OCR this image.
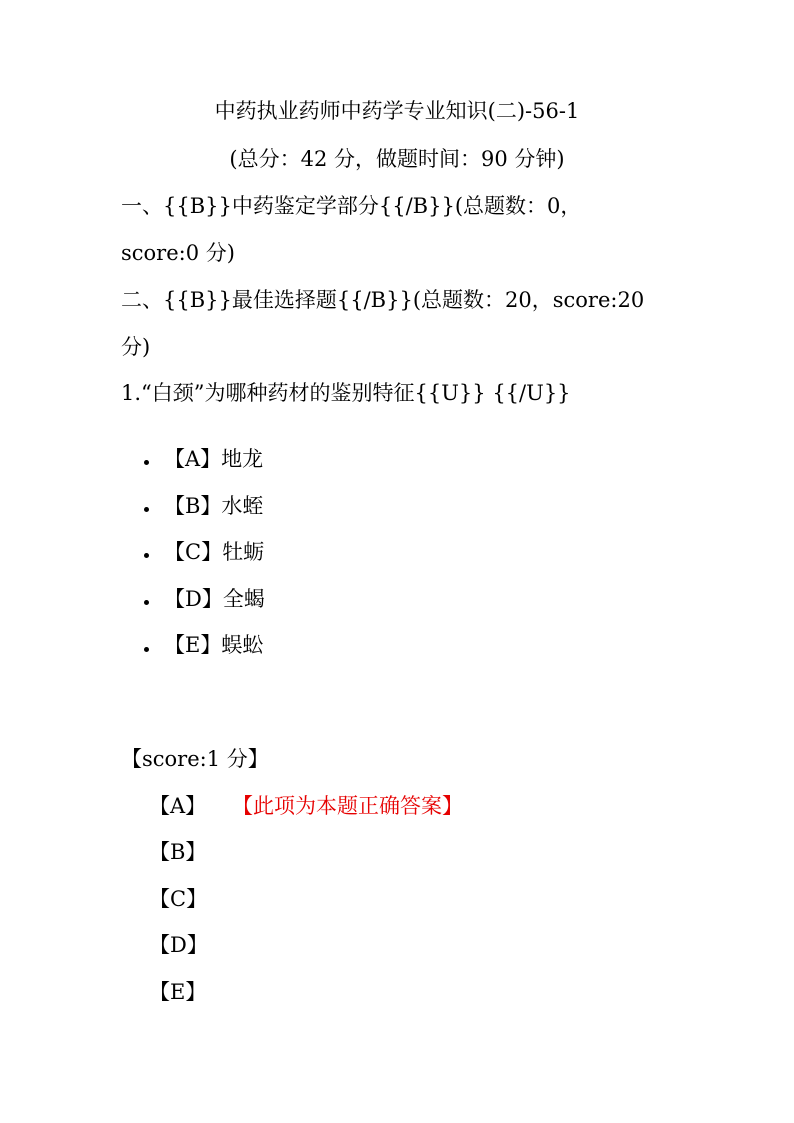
中药执业药师中药学专业知识(二)-56-1
(总分：42 分，做题时间：90 分钟)
一、{{B}}中药鉴定学部分{{/B}}(总题数：0，
score:0 分)
二、{{B}}最佳选择题{{/B}}(总题数：20，score:20
分)
1.“白颈”为哪种药材的鉴别特征{{U}} {{/U}}
【A】地龙
【B】水蛭
【C】牡蛎
【D】全蝎
【E】蜈蚣
【score:1 分】
【A】 【此项为本题正确答案】
【B】
【C】
【D】
【E】
